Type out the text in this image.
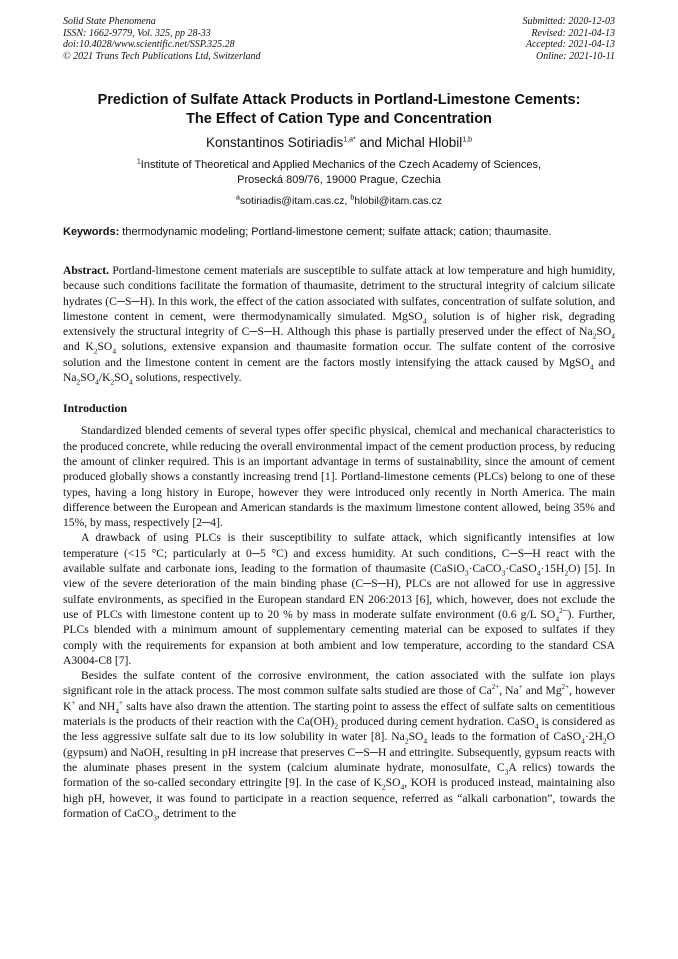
Solid State Phenomena
ISSN: 1662-9779, Vol. 325, pp 28-33
doi:10.4028/www.scientific.net/SSP.325.28
© 2021 Trans Tech Publications Ltd, Switzerland
Submitted: 2020-12-03
Revised: 2021-04-13
Accepted: 2021-04-13
Online: 2021-10-11
Prediction of Sulfate Attack Products in Portland-Limestone Cements:
The Effect of Cation Type and Concentration
Konstantinos Sotiriadis$^{1,a*}$ and Michal Hlobil$^{1,b}$
$^1$Institute of Theoretical and Applied Mechanics of the Czech Academy of Sciences,
Prosecká 809/76, 19000 Prague, Czechia
$^a$sotiriadis@itam.cas.cz, $^b$hlobil@itam.cas.cz
Keywords: thermodynamic modeling; Portland-limestone cement; sulfate attack; cation; thaumasite.
Abstract. Portland-limestone cement materials are susceptible to sulfate attack at low temperature and high humidity, because such conditions facilitate the formation of thaumasite, detriment to the structural integrity of calcium silicate hydrates (C─S─H). In this work, the effect of the cation associated with sulfates, concentration of sulfate solution, and limestone content in cement, were thermodynamically simulated. MgSO$_4$ solution is of higher risk, degrading extensively the structural integrity of C─S─H. Although this phase is partially preserved under the effect of $Na_2SO_4$ and $K_2SO_4$ solutions, extensive expansion and thaumasite formation occur. The sulfate content of the corrosive solution and the limestone content in cement are the factors mostly intensifying the attack caused by MgSO$_4$ and $Na_2SO_4/K_2SO_4$ solutions, respectively.
Introduction
Standardized blended cements of several types offer specific physical, chemical and mechanical characteristics to the produced concrete, while reducing the overall environmental impact of the cement production process, by reducing the amount of clinker required. This is an important advantage in terms of sustainability, since the amount of cement produced globally shows a constantly increasing trend [1]. Portland-limestone cements (PLCs) belong to one of these types, having a long history in Europe, however they were introduced only recently in North America. The main difference between the European and American standards is the maximum limestone content allowed, being 35% and 15%, by mass, respectively [2─4].
A drawback of using PLCs is their susceptibility to sulfate attack, which significantly intensifies at low temperature (<15 °C; particularly at 0─5 °C) and excess humidity. At such conditions, C─S─H react with the available sulfate and carbonate ions, leading to the formation of thaumasite $(CaSiO_3\cdot CaCO_3\cdot CaSO_4\cdot 15H_2O)$ [5]. In view of the severe deterioration of the main binding phase (C─S─H), PLCs are not allowed for use in aggressive sulfate environments, as specified in the European standard EN 206:2013 [6], which, however, does not exclude the use of PLCs with limestone content up to 20 % by mass in moderate sulfate environment (0.6 g/L $SO_4^{2─}$). Further, PLCs blended with a minimum amount of supplementary cementing material can be exposed to sulfates if they comply with the requirements for expansion at both ambient and low temperature, according to the standard CSA A3004-C8 [7].
Besides the sulfate content of the corrosive environment, the cation associated with the sulfate ion plays significant role in the attack process. The most common sulfate salts studied are those of $Ca^{2+}$, Na+ and $Mg^{2+}$, however K+ and $NH_4^+$ salts have also drawn the attention. The starting point to assess the effect of sulfate salts on cementitious materials is the products of their reaction with the $Ca(OH)_2$ produced during cement hydration. CaSO$_4$ is considered as the less aggressive sulfate salt due to its low solubility in water [8]. $Na_2SO_4$ leads to the formation of $CaSO_4\cdot 2H_2O$ (gypsum) and NaOH, resulting in pH increase that preserves C─S─H and ettringite. Subsequently, gypsum reacts with the aluminate phases present in the system (calcium aluminate hydrate, monosulfate, $C_3A$ relics) towards the formation of the so-called secondary ettringite [9]. In the case of $K_2SO_4$, KOH is produced instead, maintaining also high pH, however, it was found to participate in a reaction sequence, referred as “alkali carbonation”, towards the formation of CaCO$_3$, detriment to the
